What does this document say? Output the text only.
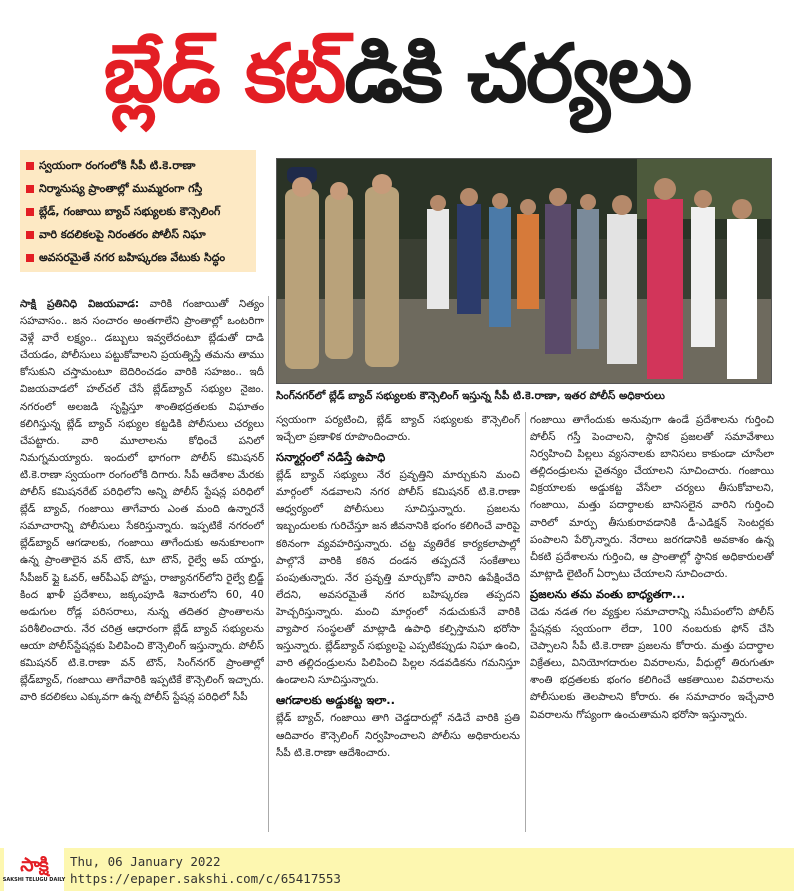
బ్లేడ్ కట్ డికి చర్యలు
స్వయంగా రంగంలోకి సీపీ టి.కె.రాణా
నిర్మానుష్య ప్రాంతాల్లో ముమ్మరంగా గస్తీ
బ్లేడ్, గంజాయి బ్యాచ్ సభ్యులకు కౌన్సెలింగ్
వారి కదలికలపై నిరంతరం పోలీస్ నిఘా
అవసరమైతే నగర బహిష్కరణ వేటుకు సిద్ధం
సింగ్‌నగర్‌లో బ్లేడ్ బ్యాచ్ సభ్యులకు కౌన్సెలింగ్ ఇస్తున్న సీపీ టి.కె.రాణా, ఇతర పోలీస్ అధికారులు

సాక్షి ప్రతినిధి విజయవాడ: వారికి గంజాయితో నిత్యం సహవాసం.. జన సంచారం అంతగాలేని ప్రాంతాల్లో ఒంటరిగా వెళ్లే వారే లక్ష్యం.. డబ్బులు ఇవ్వలేదంటూ బ్లేడుతో దాడి చేయడం, పోలీసులు పట్టుకోవాలని ప్రయత్నిస్తే తమను తాము కోసుకుని చస్తామంటూ బెదిరించడం వారికి సహజం.. ఇదీ విజయవాడలో హల్‌చల్ చేసే బ్లేడ్‌బ్యాచ్ సభ్యుల నైజం. నగరంలో అలజడి సృష్టిస్తూ శాంతిభద్రతలకు విఘాతం కలిగిస్తున్న బ్లేడ్ బ్యాచ్ సభ్యుల కట్టడికి పోలీసులు చర్యలు చేపట్టారు. వారి మూలాలను కోధించే పనిలో నిమగ్నమయ్యారు. ఇందులో భాగంగా పోలీస్ కమిషనర్ టి.కె.రాణా స్వయంగా రంగంలోకి దిగారు. సీపీ ఆదేశాల మేరకు పోలీస్ కమిషనరేట్ పరిధిలోని అన్ని పోలీస్ స్టేషన్ల పరిధిలో బ్లేడ్ బ్యాచ్, గంజాయి తాగేవారు ఎంత మంది ఉన్నారనే సమాచారాన్ని పోలీసులు సేకరిస్తున్నారు. ఇప్పటికే నగరంలో బ్లేడ్‌బ్యాచ్ ఆగడాలకు, గంజాయి తాగేందుకు అనుకూలంగా ఉన్న ప్రాంతాలైన వన్ టౌన్, టూ టౌన్, రైల్వే అప్ యార్డు, సీపీజర్ ఫ్లై ఓవర్, ఆర్‌పీఎఫ్ పోస్టు, రాజ్యానగర్‌లోని రైల్వే బ్రిడ్జ్ కింద ఖాళీ ప్రదేశాలు, జక్కంపూడి శివారులోని 60, 40 అడుగుల రోడ్ల పరిసరాలు, నున్న తదితర ప్రాంతాలను పరిశీలించారు. నేర చరిత్ర ఆధారంగా బ్లేడ్ బ్యాచ్ సభ్యులను ఆయా పోలీస్‌స్టేషన్లకు పిలిపించి కౌన్సెలింగ్ ఇస్తున్నారు. పోలీస్ కమిషనర్ టి.కె.రాణా వన్ టౌన్, సింగ్‌నగర్ ప్రాంతాల్లో బ్లేడ్‌బ్యాచ్, గంజాయి తాగేవారికి ఇప్పటికే కౌన్సెలింగ్ ఇచ్చారు. వారి కదలికలు ఎక్కువగా ఉన్న పోలీస్ స్టేషన్ల పరిధిలో సీపీ

స్వయంగా పర్యటించి, బ్లేడ్ బ్యాచ్ సభ్యులకు కౌన్సెలింగ్ ఇచ్చేలా ప్రణాళిక రూపొందించారు.

సన్మార్గంలో నడిస్తే ఉపాధి

బ్లేడ్ బ్యాచ్ సభ్యులు నేర ప్రవృత్తిని మార్చుకుని మంచి మార్గంలో నడవాలని నగర పోలీస్ కమిషనర్ టి.కె.రాణా ఆధ్వర్యంలో పోలీసులు సూచిస్తున్నారు. ప్రజలను ఇబ్బందులకు గురిచేస్తూ జన జీవనానికి భంగం కలిగించే వారిపై కఠినంగా వ్యవహరిస్తున్నారు. చట్ట వ్యతిరేక కార్యకలాపాల్లో పాల్గొనే వారికి కఠిన దండన తప్పదనే సంకేతాలు పంపుతున్నారు. నేర ప్రవృత్తి మార్చుకోని వారిని ఉపేక్షించేది లేదని, అవసరమైతే నగర బహిష్కరణ తప్పదని హెచ్చరిస్తున్నారు. మంచి మార్గంలో నడుచుకునే వారికి వ్యాపార సంస్థలతో మాట్లాడి ఉపాధి కల్పిస్తామని భరోసా ఇస్తున్నారు. బ్లేడ్‌బ్యాచ్ సభ్యులపై ఎప్పటికప్పుడు నిఘా ఉంచి, వారి తల్లిదండ్రులను పిలిపించి పిల్లల నడవడికను గమనిస్తూ ఉండాలని సూచిస్తున్నారు.

ఆగడాలకు అడ్డుకట్ట ఇలా..

బ్లేడ్ బ్యాచ్, గంజాయి తాగి చెడ్డదారుల్లో నడిచే వారికి ప్రతి ఆదివారం కౌన్సెలింగ్ నిర్వహించాలని పోలీసు అధికారులను సీపీ టి.కె.రాణా ఆదేశించారు.

గంజాయి తాగేందుకు అనువుగా ఉండే ప్రదేశాలను గుర్తించి పోలీస్ గస్తీ పెంచాలని, స్థానిక ప్రజలతో సమావేశాలు నిర్వహించి పిల్లలు వ్యసనాలకు బానిసలు కాకుండా చూసేలా తల్లిదండ్రులను చైతన్యం చేయాలని సూచించారు. గంజాయి విక్రయాలకు అడ్డుకట్ట వేసేలా చర్యలు తీసుకోవాలని, గంజాయి, మత్తు పదార్థాలకు బానిసలైన వారిని గుర్తించి వారిలో మార్పు తీసుకురావడానికి డీ-ఎడిక్షన్ సెంటర్లకు పంపాలని పేర్కొన్నారు. నేరాలు జరగడానికి అవకాశం ఉన్న చీకటి ప్రదేశాలను గుర్తించి, ఆ ప్రాంతాల్లో స్థానిక అధికారులతో మాట్లాడి లైటింగ్ ఏర్పాటు చేయాలని సూచించారు.

ప్రజలను తమ వంతు బాధ్యతగా...

చెడు నడత గల వ్యక్తుల సమాచారాన్ని సమీపంలోని పోలీస్ స్టేషన్లకు స్వయంగా లేదా, 100 నంబరుకు ఫోన్ చేసి చెప్పాలని సీపీ టి.కె.రాణా ప్రజలను కోరారు. మత్తు పదార్థాల విక్రేతలు, వినియోగదారుల వివరాలను, వీధుల్లో తిరుగుతూ శాంతి భద్రతలకు భంగం కలిగించే ఆకతాయిల వివరాలను పోలీసులకు తెలపాలని కోరారు. ఈ సమాచారం ఇచ్చేవారి వివరాలను గోప్యంగా ఉంచుతామని భరోసా ఇస్తున్నారు.

సాక్షి
SAKSHI TELUGU DAILY
Thu, 06 January 2022
https://epaper.sakshi.com/c/65417553
